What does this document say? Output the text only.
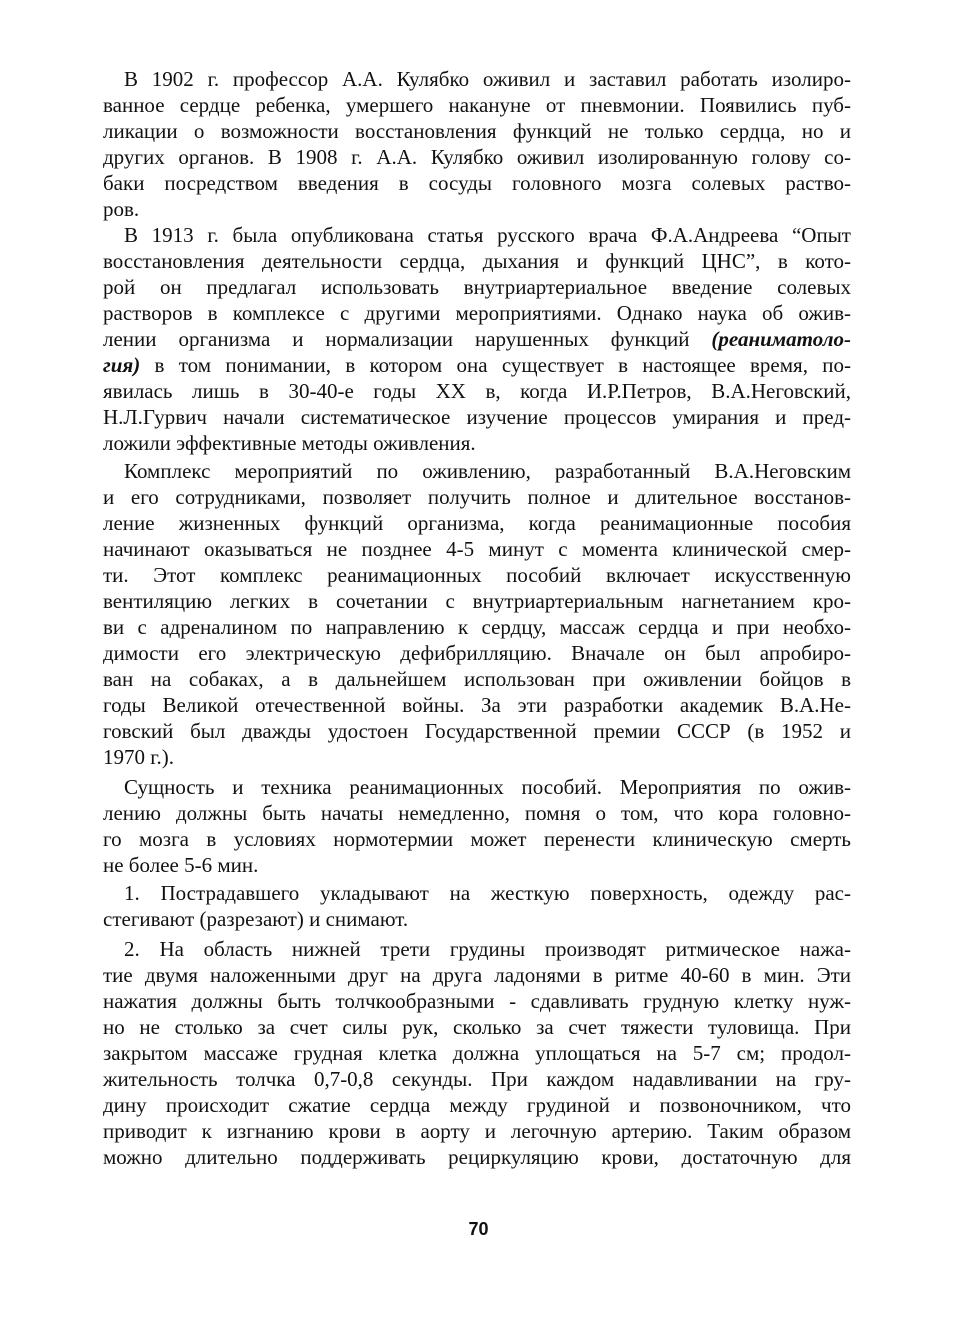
В 1902 г. профессор А.А. Кулябко оживил и заставил работать изолиро-
ванное сердце ребенка, умершего накануне от пневмонии. Появились пуб-
ликации о возможности восстановления функций не только сердца, но и
других органов. В 1908 г. А.А. Кулябко оживил изолированную голову со-
баки посредством введения в сосуды головного мозга солевых раство-
ров.
В 1913 г. была опубликована статья русского врача Ф.А.Андреева “Опыт
восстановления деятельности сердца, дыхания и функций ЦНС”, в кото-
рой он предлагал использовать внутриартериальное введение солевых
растворов в комплексе с другими мероприятиями. Однако наука об ожив-
лении организма и нормализации нарушенных функций (реаниматоло-
гия) в том понимании, в котором она существует в настоящее время, по-
явилась лишь в 30-40-е годы XX в, когда И.Р.Петров, В.А.Неговский,
Н.Л.Гурвич начали систематическое изучение процессов умирания и пред-
ложили эффективные методы оживления.
Комплекс мероприятий по оживлению, разработанный В.А.Неговским
и его сотрудниками, позволяет получить полное и длительное восстанов-
ление жизненных функций организма, когда реанимационные пособия
начинают оказываться не позднее 4-5 минут с момента клинической смер-
ти. Этот комплекс реанимационных пособий включает искусственную
вентиляцию легких в сочетании с внутриартериальным нагнетанием кро-
ви с адреналином по направлению к сердцу, массаж сердца и при необхо-
димости его электрическую дефибрилляцию. Вначале он был апробиро-
ван на собаках, а в дальнейшем использован при оживлении бойцов в
годы Великой отечественной войны. За эти разработки академик В.А.Не-
говский был дважды удостоен Государственной премии СССР (в 1952 и
1970 г.).
Сущность и техника реанимационных пособий. Мероприятия по ожив-
лению должны быть начаты немедленно, помня о том, что кора головно-
го мозга в условиях нормотермии может перенести клиническую смерть
не более 5-6 мин.
1. Пострадавшего укладывают на жесткую поверхность, одежду рас-
стегивают (разрезают) и снимают.
2. На область нижней трети грудины производят ритмическое нажа-
тие двумя наложенными друг на друга ладонями в ритме 40-60 в мин. Эти
нажатия должны быть толчкообразными - сдавливать грудную клетку нуж-
но не столько за счет силы рук, сколько за счет тяжести туловища. При
закрытом массаже грудная клетка должна уплощаться на 5-7 см; продол-
жительность толчка 0,7-0,8 секунды. При каждом надавливании на гру-
дину происходит сжатие сердца между грудиной и позвоночником, что
приводит к изгнанию крови в аорту и легочную артерию. Таким образом
можно длительно поддерживать рециркуляцию крови, достаточную для
70
